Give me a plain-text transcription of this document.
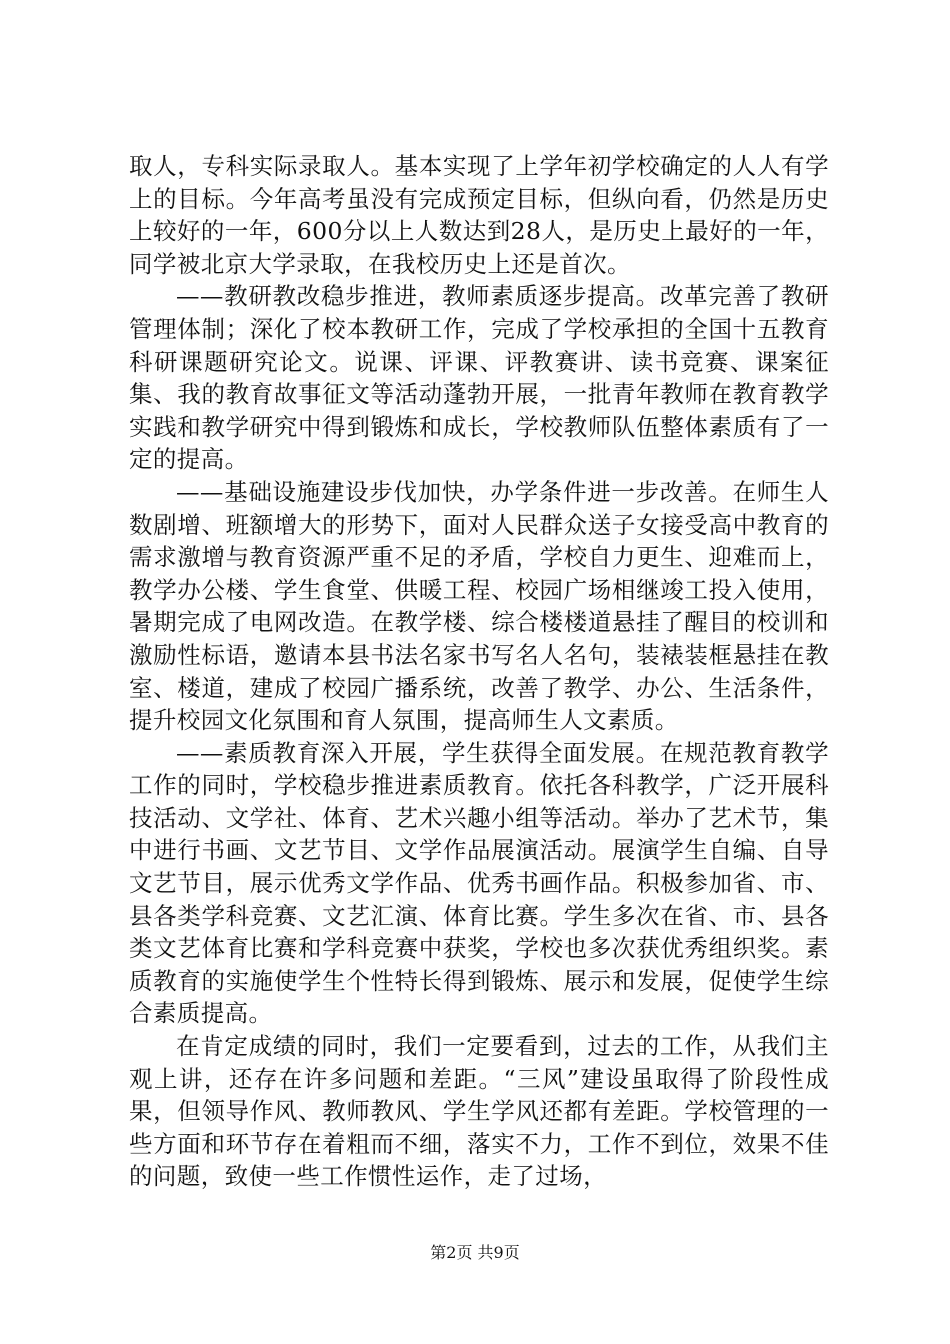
取人，专科实际录取人。基本实现了上学年初学校确定的人人有学上的目标。今年高考虽没有完成预定目标，但纵向看，仍然是历史上较好的一年，600分以上人数达到28人，是历史上最好的一年，同学被北京大学录取，在我校历史上还是首次。

——教研教改稳步推进，教师素质逐步提高。改革完善了教研管理体制；深化了校本教研工作，完成了学校承担的全国十五教育科研课题研究论文。说课、评课、评教赛讲、读书竞赛、课案征集、我的教育故事征文等活动蓬勃开展，一批青年教师在教育教学实践和教学研究中得到锻炼和成长，学校教师队伍整体素质有了一定的提高。

——基础设施建设步伐加快，办学条件进一步改善。在师生人数剧增、班额增大的形势下，面对人民群众送子女接受高中教育的需求激增与教育资源严重不足的矛盾，学校自力更生、迎难而上，教学办公楼、学生食堂、供暖工程、校园广场相继竣工投入使用，暑期完成了电网改造。在教学楼、综合楼楼道悬挂了醒目的校训和激励性标语，邀请本县书法名家书写名人名句，装裱装框悬挂在教室、楼道，建成了校园广播系统，改善了教学、办公、生活条件，提升校园文化氛围和育人氛围，提高师生人文素质。

——素质教育深入开展，学生获得全面发展。在规范教育教学工作的同时，学校稳步推进素质教育。依托各科教学，广泛开展科技活动、文学社、体育、艺术兴趣小组等活动。举办了艺术节，集中进行书画、文艺节目、文学作品展演活动。展演学生自编、自导文艺节目，展示优秀文学作品、优秀书画作品。积极参加省、市、县各类学科竞赛、文艺汇演、体育比赛。学生多次在省、市、县各类文艺体育比赛和学科竞赛中获奖，学校也多次获优秀组织奖。素质教育的实施使学生个性特长得到锻炼、展示和发展，促使学生综合素质提高。

在肯定成绩的同时，我们一定要看到，过去的工作，从我们主观上讲，还存在许多问题和差距。“三风”建设虽取得了阶段性成果，但领导作风、教师教风、学生学风还都有差距。学校管理的一些方面和环节存在着粗而不细，落实不力，工作不到位，效果不佳的问题，致使一些工作惯性运作，走了过场，

第2页 共9页
